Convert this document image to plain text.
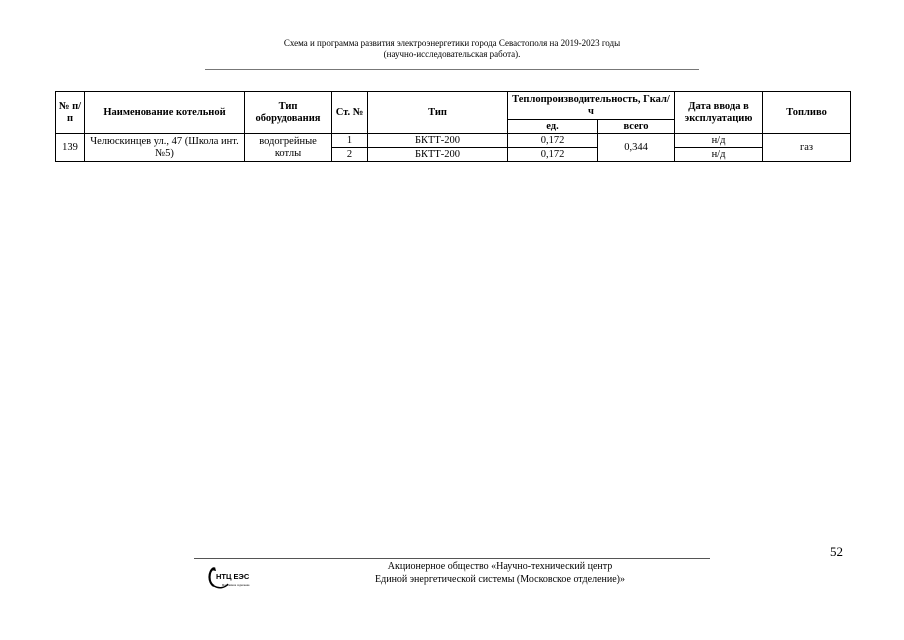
Схема и программа развития электроэнергетики города Севастополя на 2019-2023 годы
(научно-исследовательская работа).
№ п/п	Наименование котельной	Тип оборудования	Ст. №	Тип	Теплопроизводительность, Гкал/ч		Дата ввода в эксплуатацию	Топливо
					ед.	всего		
139	Челюскинцев ул., 47 (Школа инт. №5)	водогрейные котлы	1	БКТТ-200	0,172	0,344	н/д	газ
			2	БКТТ-200	0,172		н/д	
52
НТЦ ЕЭС
Московское отделение
Акционерное общество «Научно-технический центр
Единой энергетической системы (Московское отделение)»
